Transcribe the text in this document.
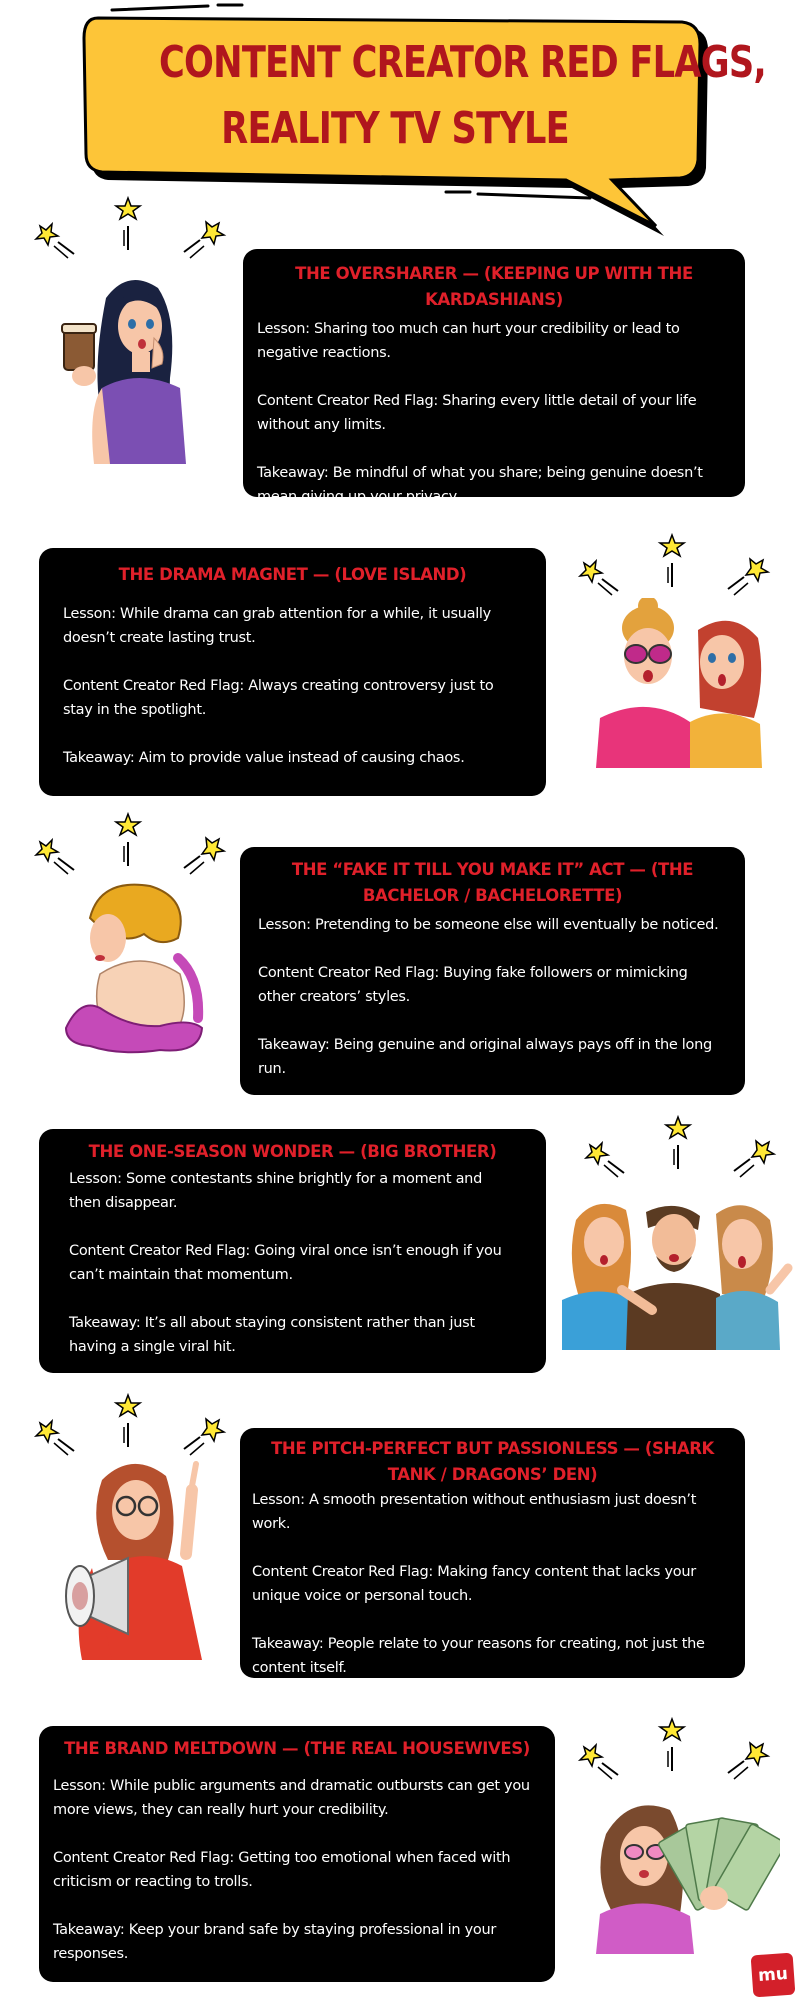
CONTENT CREATOR RED FLAGS,
REALITY TV STYLE
THE OVERSHARER — (KEEPING UP WITH THE KARDASHIANS)
Lesson: Sharing too much can hurt your credibility or lead to negative reactions.
Content Creator Red Flag: Sharing every little detail of your life without any limits.
Takeaway: Be mindful of what you share; being genuine doesn’t mean giving up your privacy.
THE DRAMA MAGNET — (LOVE ISLAND)
Lesson: While drama can grab attention for a while, it usually doesn’t create lasting trust.
Content Creator Red Flag: Always creating controversy just to stay in the spotlight.
Takeaway: Aim to provide value instead of causing chaos.
THE “FAKE IT TILL YOU MAKE IT” ACT — (THE BACHELOR / BACHELORETTE)
Lesson: Pretending to be someone else will eventually be noticed.
Content Creator Red Flag: Buying fake followers or mimicking other creators’ styles.
Takeaway: Being genuine and original always pays off in the long run.
THE ONE-SEASON WONDER — (BIG BROTHER)
Lesson: Some contestants shine brightly for a moment and then disappear.
Content Creator Red Flag: Going viral once isn’t enough if you can’t maintain that momentum.
Takeaway: It’s all about staying consistent rather than just having a single viral hit.
THE PITCH-PERFECT BUT PASSIONLESS — (SHARK TANK / DRAGONS’ DEN)
Lesson: A smooth presentation without enthusiasm just doesn’t work.
Content Creator Red Flag: Making fancy content that lacks your unique voice or personal touch.
Takeaway: People relate to your reasons for creating, not just the content itself.
THE BRAND MELTDOWN — (THE REAL HOUSEWIVES)
Lesson: While public arguments and dramatic outbursts can get you more views, they can really hurt your credibility.
Content Creator Red Flag: Getting too emotional when faced with criticism or reacting to trolls.
Takeaway: Keep your brand safe by staying professional in your responses.
mu
